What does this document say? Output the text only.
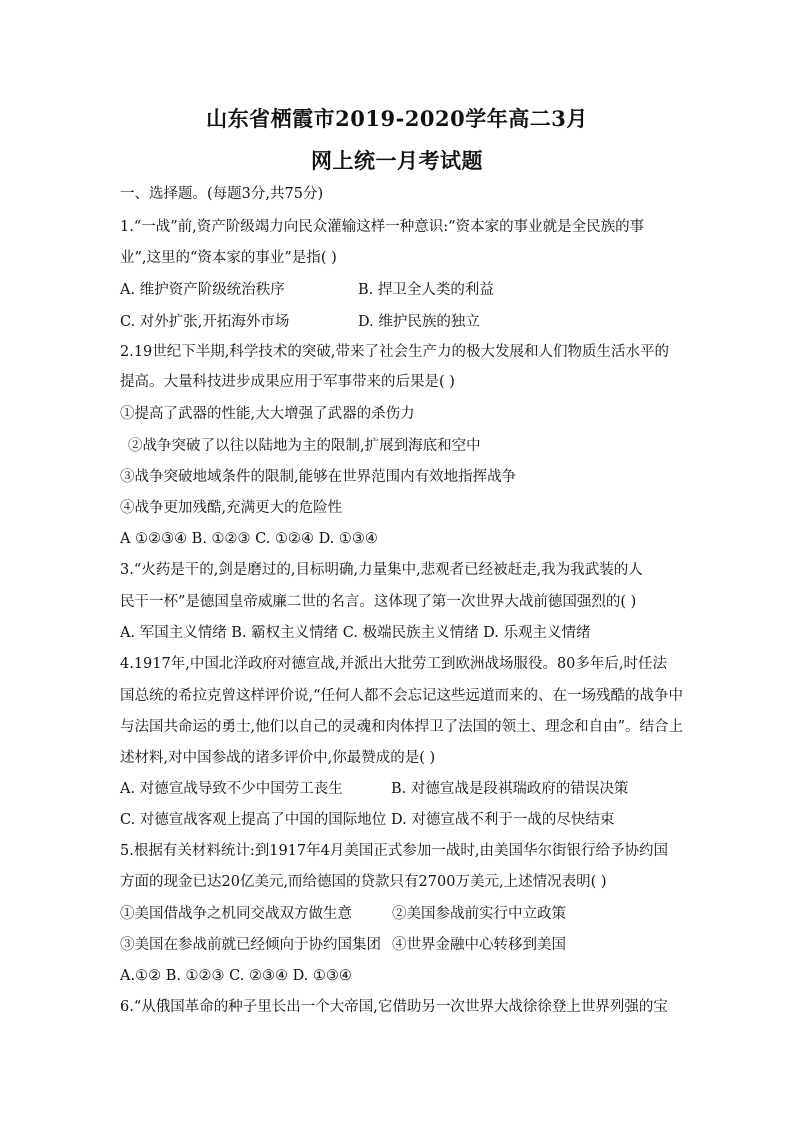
山东省栖霞市2019-2020学年高二3月
网上统一月考试题
一、选择题。(每题3分,共75分)
1.“一战”前,资产阶级竭力向民众灌输这样一种意识:“资本家的事业就是全民族的事
业”,这里的“资本家的事业”是指( )
A. 维护资产阶级统治秩序	B. 捍卫全人类的利益
C. 对外扩张,开拓海外市场	D. 维护民族的独立
2.19世纪下半期,科学技术的突破,带来了社会生产力的极大发展和人们物质生活水平的
提高。大量科技进步成果应用于军事带来的后果是( )
①提高了武器的性能,大大增强了武器的杀伤力
②战争突破了以往以陆地为主的限制,扩展到海底和空中
③战争突破地域条件的限制,能够在世界范围内有效地指挥战争
④战争更加残酷,充满更大的危险性
A ①②③④ B. ①②③ C. ①②④ D. ①③④
3.“火药是干的,剑是磨过的,目标明确,力量集中,悲观者已经被赶走,我为我武装的人
民干一杯”是德国皇帝威廉二世的名言。这体现了第一次世界大战前德国强烈的( )
A. 军国主义情绪 B. 霸权主义情绪 C. 极端民族主义情绪 D. 乐观主义情绪
4.1917年,中国北洋政府对德宣战,并派出大批劳工到欧洲战场服役。80多年后,时任法
国总统的希拉克曾这样评价说,“任何人都不会忘记这些远道而来的、在一场残酷的战争中
与法国共命运的勇士,他们以自己的灵魂和肉体捍卫了法国的领土、理念和自由”。结合上
述材料,对中国参战的诸多评价中,你最赞成的是( )
A. 对德宣战导致不少中国劳工丧生	B. 对德宣战是段祺瑞政府的错误决策
C. 对德宣战客观上提高了中国的国际地位 D. 对德宣战不利于一战的尽快结束
5.根据有关材料统计:到1917年4月美国正式参加一战时,由美国华尔街银行给予协约国
方面的现金已达20亿美元,而给德国的贷款只有2700万美元,上述情况表明( )
①美国借战争之机同交战双方做生意	②美国参战前实行中立政策
③美国在参战前就已经倾向于协约国集团 ④世界金融中心转移到美国
A.①② B. ①②③ C. ②③④ D. ①③④
6.“从俄国革命的种子里长出一个大帝国,它借助另一次世界大战徐徐登上世界列强的宝
